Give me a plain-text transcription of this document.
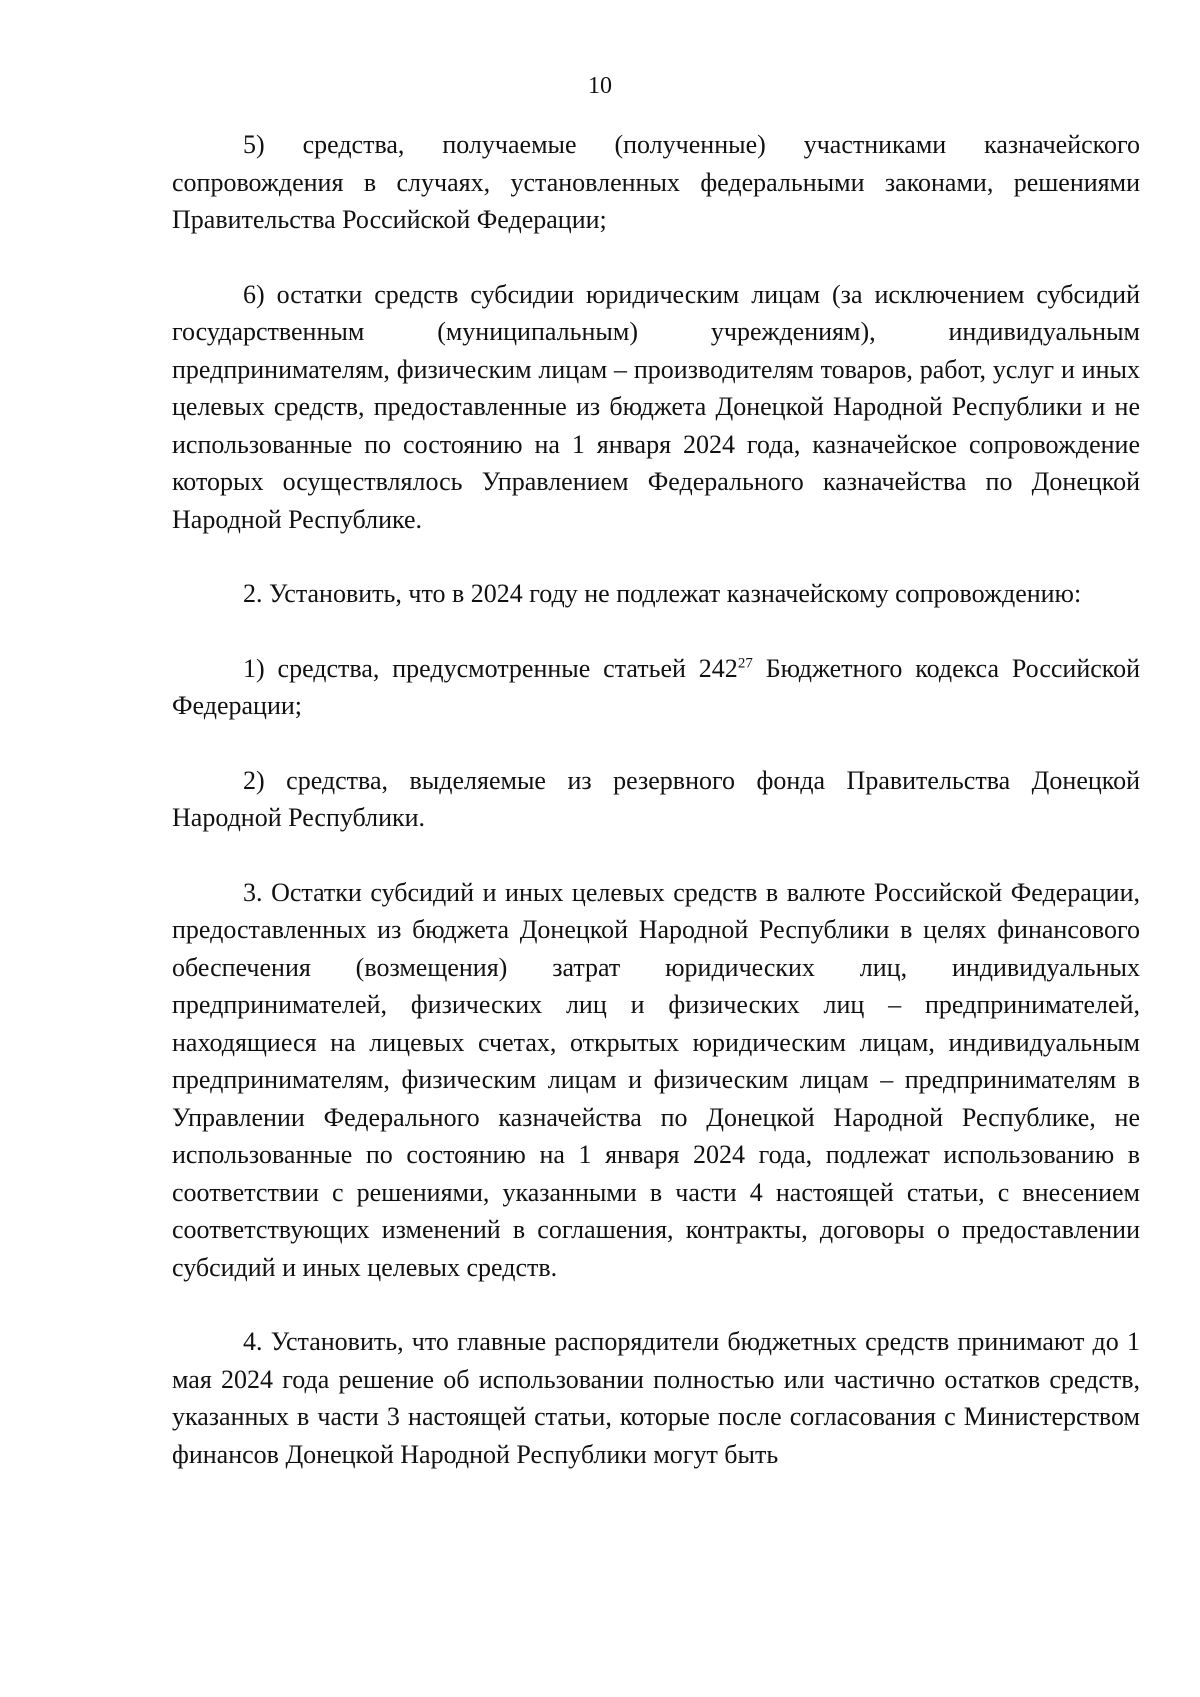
10

5) средства, получаемые (полученные) участниками казначейского сопровождения в случаях, установленных федеральными законами, решениями Правительства Российской Федерации;

6) остатки средств субсидии юридическим лицам (за исключением субсидий государственным (муниципальным) учреждениям), индивидуальным предпринимателям, физическим лицам – производителям товаров, работ, услуг и иных целевых средств, предоставленные из бюджета Донецкой Народной Республики и не использованные по состоянию на 1 января 2024 года, казначейское сопровождение которых осуществлялось Управлением Федерального казначейства по Донецкой Народной Республике.

2. Установить, что в 2024 году не подлежат казначейскому сопровождению:

1) средства, предусмотренные статьей $242^{27}$ Бюджетного кодекса Российской Федерации;

2) средства, выделяемые из резервного фонда Правительства Донецкой Народной Республики.

3. Остатки субсидий и иных целевых средств в валюте Российской Федерации, предоставленных из бюджета Донецкой Народной Республики в целях финансового обеспечения (возмещения) затрат юридических лиц, индивидуальных предпринимателей, физических лиц и физических лиц – предпринимателей, находящиеся на лицевых счетах, открытых юридическим лицам, индивидуальным предпринимателям, физическим лицам и физическим лицам – предпринимателям в Управлении Федерального казначейства по Донецкой Народной Республике, не использованные по состоянию на 1 января 2024 года, подлежат использованию в соответствии с решениями, указанными в части 4 настоящей статьи, с внесением соответствующих изменений в соглашения, контракты, договоры о предоставлении субсидий и иных целевых средств.

4. Установить, что главные распорядители бюджетных средств принимают до 1 мая 2024 года решение об использовании полностью или частично остатков средств, указанных в части 3 настоящей статьи, которые после согласования с Министерством финансов Донецкой Народной Республики могут быть
